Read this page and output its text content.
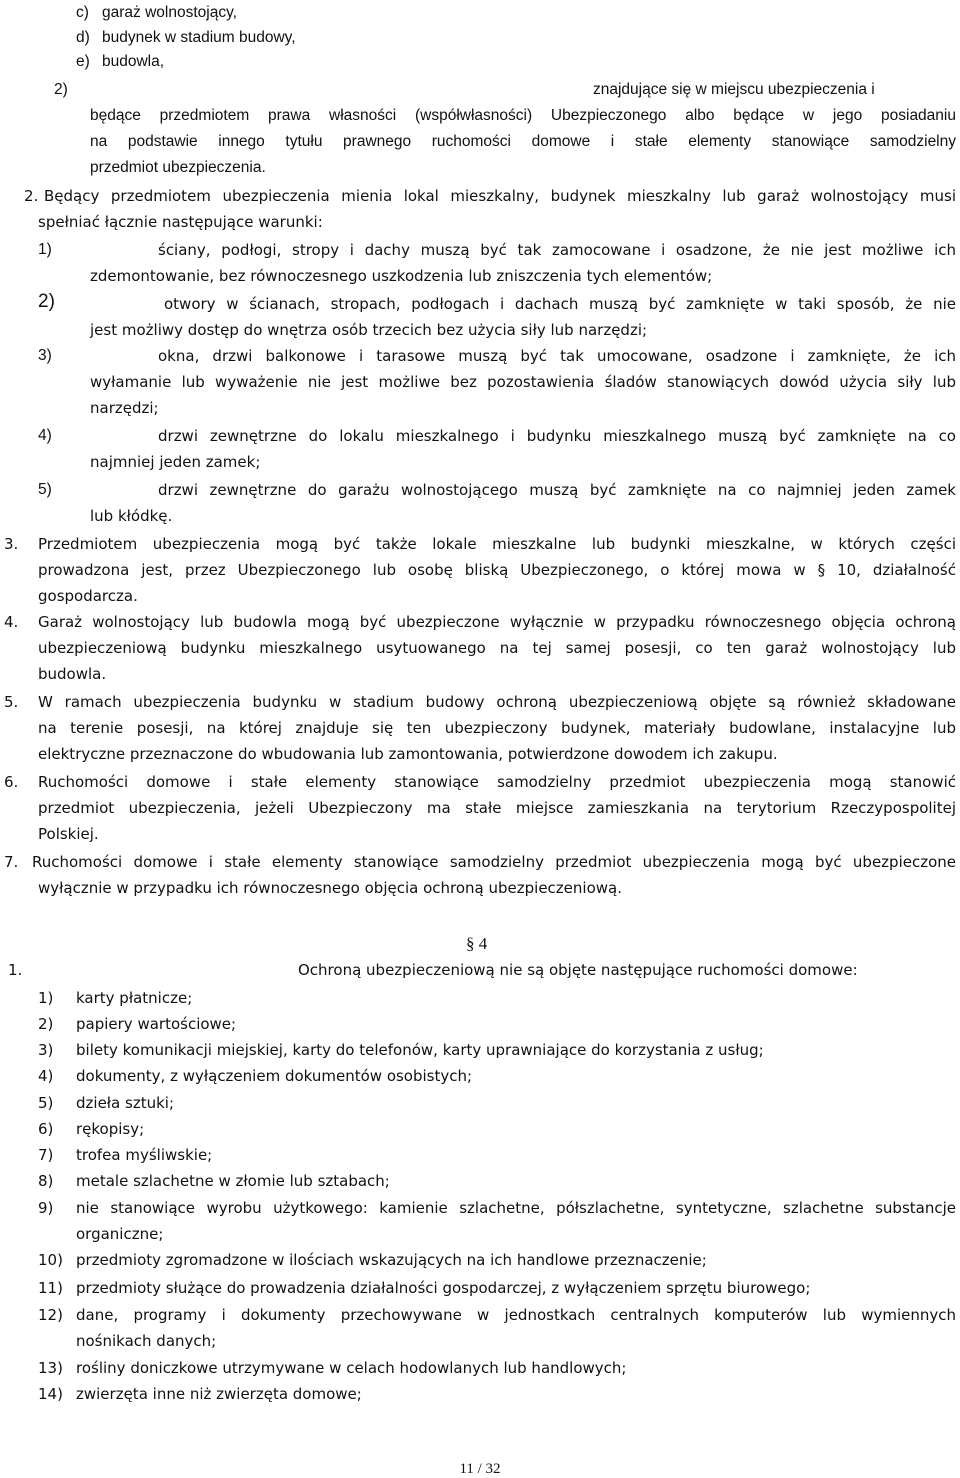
c) garaż wolnostojący,
d) budynek w stadium budowy,
e) budowla,
2)	znajdujące się w miejscu ubezpieczenia i
będące przedmiotem prawa własności (współwłasności) Ubezpieczonego albo będące w jego posiadaniu
na podstawie innego tytułu prawnego ruchomości domowe i stałe elementy stanowiące samodzielny
przedmiot ubezpieczenia.
2. Będący przedmiotem ubezpieczenia mienia lokal mieszkalny, budynek mieszkalny lub garaż wolnostojący musi
spełniać łącznie następujące warunki:
1)	ściany, podłogi, stropy i dachy muszą być tak zamocowane i osadzone, że nie jest możliwe ich
zdemontowanie, bez równoczesnego uszkodzenia lub zniszczenia tych elementów;
2)	otwory w ścianach, stropach, podłogach i dachach muszą być zamknięte w taki sposób, że nie
jest możliwy dostęp do wnętrza osób trzecich bez użycia siły lub narzędzi;
3)	okna, drzwi balkonowe i tarasowe muszą być tak umocowane, osadzone i zamknięte, że ich
wyłamanie lub wyważenie nie jest możliwe bez pozostawienia śladów stanowiących dowód użycia siły lub
narzędzi;
4)	drzwi zewnętrzne do lokalu mieszkalnego i budynku mieszkalnego muszą być zamknięte na co
najmniej jeden zamek;
5)	drzwi zewnętrzne do garażu wolnostojącego muszą być zamknięte na co najmniej jeden zamek
lub kłódkę.
3. Przedmiotem ubezpieczenia mogą być także lokale mieszkalne lub budynki mieszkalne, w których części
prowadzona jest, przez Ubezpieczonego lub osobę bliską Ubezpieczonego, o której mowa w § 10, działalność
gospodarcza.
4. Garaż wolnostojący lub budowla mogą być ubezpieczone wyłącznie w przypadku równoczesnego objęcia ochroną
ubezpieczeniową budynku mieszkalnego usytuowanego na tej samej posesji, co ten garaż wolnostojący lub
budowla.
5. W ramach ubezpieczenia budynku w stadium budowy ochroną ubezpieczeniową objęte są również składowane
na terenie posesji, na której znajduje się ten ubezpieczony budynek, materiały budowlane, instalacyjne lub
elektryczne przeznaczone do wbudowania lub zamontowania, potwierdzone dowodem ich zakupu.
6. Ruchomości domowe i stałe elementy stanowiące samodzielny przedmiot ubezpieczenia mogą stanowić
przedmiot ubezpieczenia, jeżeli Ubezpieczony ma stałe miejsce zamieszkania na terytorium Rzeczypospolitej
Polskiej.
7. Ruchomości domowe i stałe elementy stanowiące samodzielny przedmiot ubezpieczenia mogą być ubezpieczone
wyłącznie w przypadku ich równoczesnego objęcia ochroną ubezpieczeniową.
§ 4
1.	Ochroną ubezpieczeniową nie są objęte następujące ruchomości domowe:
1) karty płatnicze;
2) papiery wartościowe;
3) bilety komunikacji miejskiej, karty do telefonów, karty uprawniające do korzystania z usług;
4) dokumenty, z wyłączeniem dokumentów osobistych;
5) dzieła sztuki;
6) rękopisy;
7) trofea myśliwskie;
8) metale szlachetne w złomie lub sztabach;
9) nie stanowiące wyrobu użytkowego: kamienie szlachetne, półszlachetne, syntetyczne, szlachetne substancje
organiczne;
10) przedmioty zgromadzone w ilościach wskazujących na ich handlowe przeznaczenie;
11) przedmioty służące do prowadzenia działalności gospodarczej, z wyłączeniem sprzętu biurowego;
12) dane, programy i dokumenty przechowywane w jednostkach centralnych komputerów lub wymiennych
nośnikach danych;
13) rośliny doniczkowe utrzymywane w celach hodowlanych lub handlowych;
14) zwierzęta inne niż zwierzęta domowe;
11 / 32
